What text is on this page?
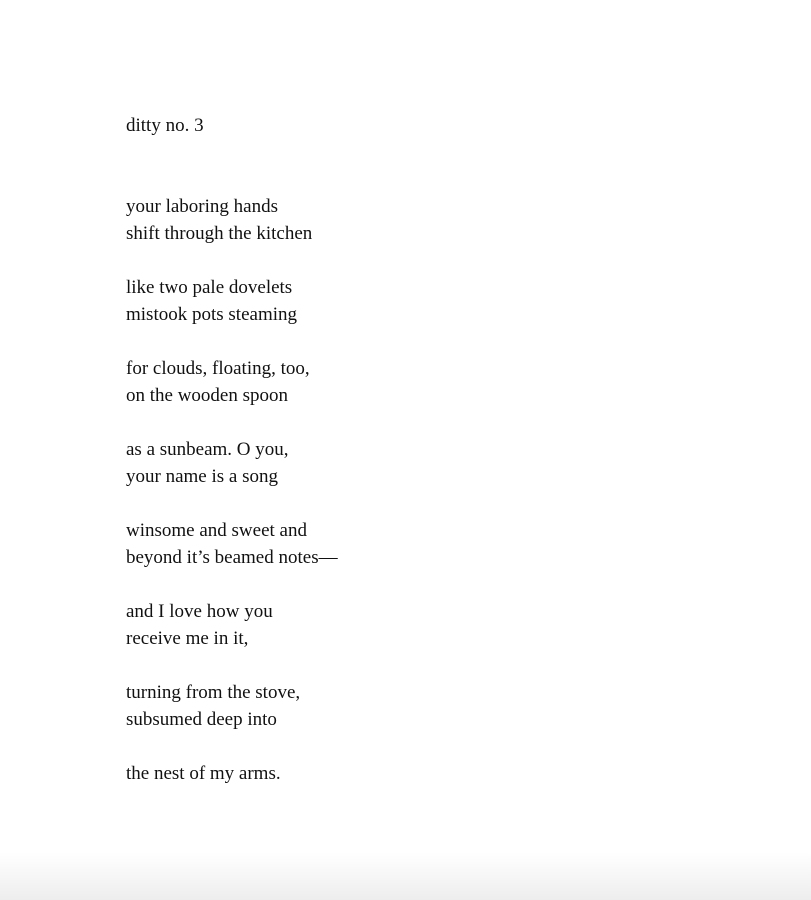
ditty no. 3
your laboring hands
shift through the kitchen
like two pale dovelets
mistook pots steaming
for clouds, floating, too,
on the wooden spoon
as a sunbeam. O you,
your name is a song
winsome and sweet and
beyond it’s beamed notes—
and I love how you
receive me in it,
turning from the stove,
subsumed deep into
the nest of my arms.
